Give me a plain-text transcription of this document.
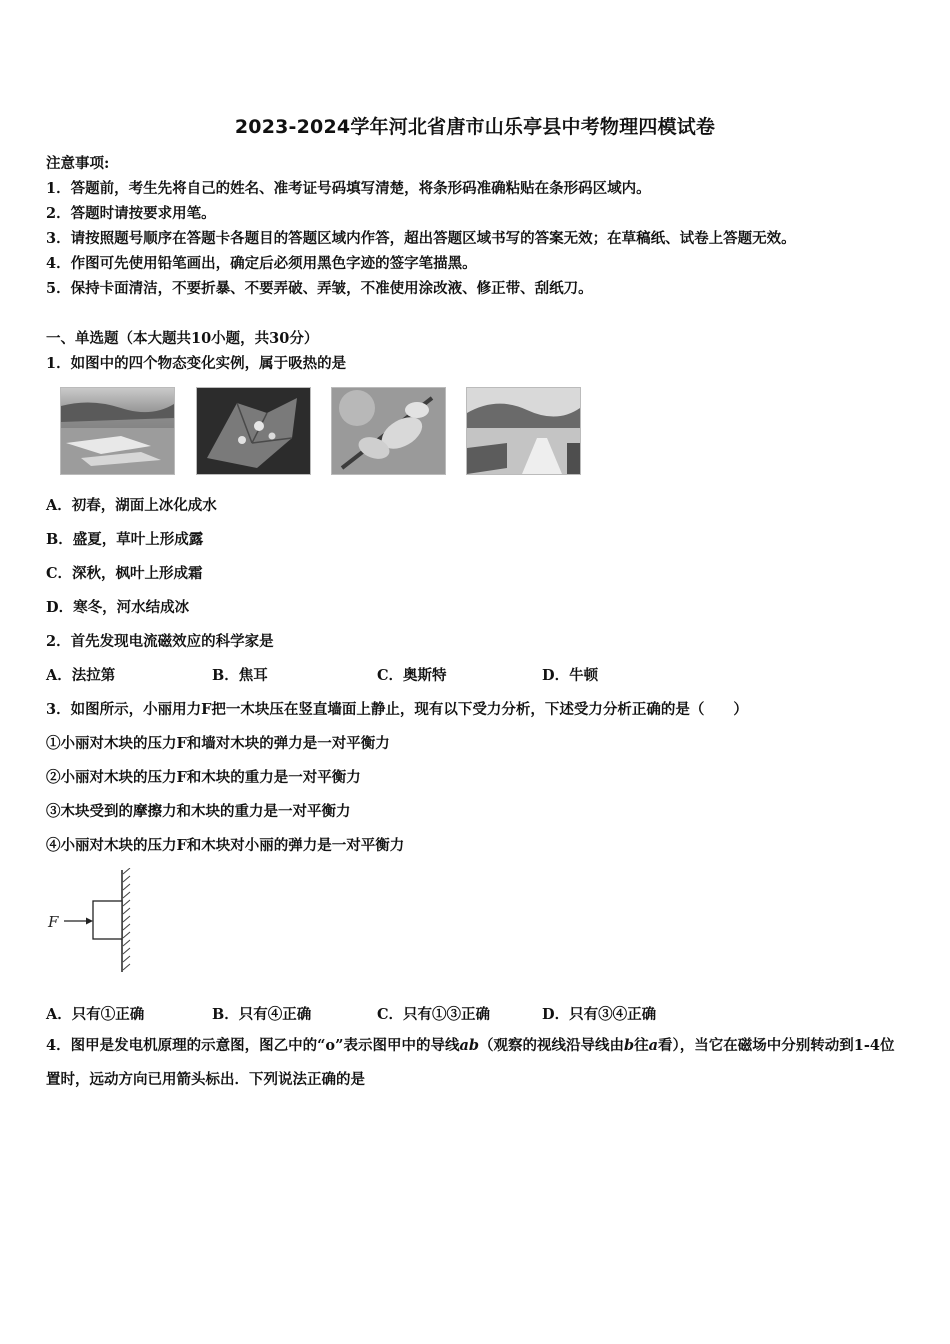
2023-2024学年河北省唐市山乐亭县中考物理四模试卷
注意事项:
1．答题前，考生先将自己的姓名、准考证号码填写清楚，将条形码准确粘贴在条形码区域内。
2．答题时请按要求用笔。
3．请按照题号顺序在答题卡各题目的答题区域内作答，超出答题区域书写的答案无效；在草稿纸、试卷上答题无效。
4．作图可先使用铅笔画出，确定后必须用黑色字迹的签字笔描黑。
5．保持卡面清洁，不要折暴、不要弄破、弄皱，不准使用涂改液、修正带、刮纸刀。
一、单选题（本大题共10小题，共30分）
1．如图中的四个物态变化实例，属于吸热的是
A．初春，湖面上冰化成水
B．盛夏，草叶上形成露
C．深秋，枫叶上形成霜
D．寒冬，河水结成冰
2．首先发现电流磁效应的科学家是
A．法拉第	B．焦耳	C．奥斯特	D．牛顿
3．如图所示，小丽用力F把一木块压在竖直墙面上静止，现有以下受力分析，下述受力分析正确的是（　　）
①小丽对木块的压力F和墙对木块的弹力是一对平衡力
②小丽对木块的压力F和木块的重力是一对平衡力
③木块受到的摩擦力和木块的重力是一对平衡力
④小丽对木块的压力F和木块对小丽的弹力是一对平衡力
F
A．只有①正确	B．只有④正确	C．只有①③正确	D．只有③④正确
4．图甲是发电机原理的示意图，图乙中的“o”表示图甲中的导线ab（观察的视线沿导线由b往a看），当它在磁场中分别转动到1-4位置时，远动方向已用箭头标出．下列说法正确的是
